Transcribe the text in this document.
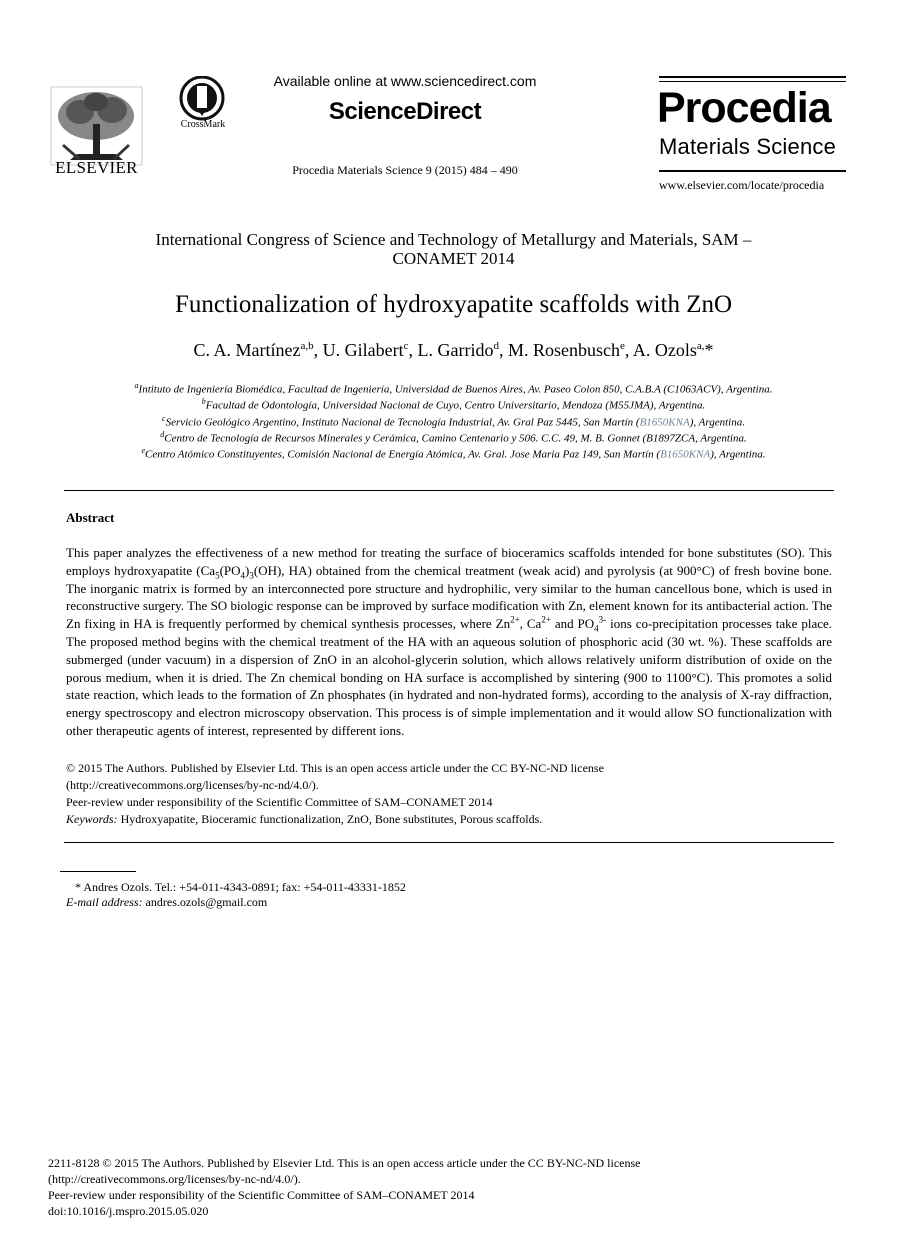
ELSEVIER
CrossMark
Available online at www.sciencedirect.com
ScienceDirect
Procedia Materials Science 9 (2015) 484 – 490
Procedia
Materials Science
www.elsevier.com/locate/procedia
International Congress of Science and Technology of Metallurgy and Materials, SAM –
CONAMET 2014
Functionalization of hydroxyapatite scaffolds with ZnO
C. A. Martínez$^{a,b}$, U. Gilabert$^c$, L. Garrido$^d$, M. Rosenbusch$^e$, A. Ozols$^{a,}$*
$^a$Intituto de Ingeniería Biomédica, Facultad de Ingeniería, Universidad de Buenos Aires, Av. Paseo Colon 850, C.A.B.A (C1063ACV), Argentina.
$^b$Facultad de Odontología, Universidad Nacional de Cuyo, Centro Universitario, Mendoza (M55JMA), Argentina.
$^c$Servicio Geológico Argentino, Instituto Nacional de Tecnología Industrial, Av. Gral Paz 5445, San Martín (B1650KNA), Argentina.
$^d$Centro de Tecnología de Recursos Minerales y Cerámica, Camino Centenario y 506. C.C. 49, M. B. Gonnet (B1897ZCA, Argentina.
$^e$Centro Atómico Constituyentes, Comisión Nacional de Energía Atómica, Av. Gral. Jose Maria Paz 149, San Martín (B1650KNA), Argentina.
Abstract
This paper analyzes the effectiveness of a new method for treating the surface of bioceramics scaffolds intended for bone substitutes (SO). This employs hydroxyapatite ($Ca_5(PO_4)_3(OH)$, HA) obtained from the chemical treatment (weak acid) and pyrolysis (at 900°C) of fresh bovine bone. The inorganic matrix is formed by an interconnected pore structure and hydrophilic, very similar to the human cancellous bone, which is used in reconstructive surgery. The SO biologic response can be improved by surface modification with Zn, element known for its antibacterial action. The Zn fixing in HA is frequently performed by chemical synthesis processes, where $Zn^{2+}$, $Ca^{2+}$ and $PO_4^{3-}$ ions co-precipitation processes take place. The proposed method begins with the chemical treatment of the HA with an aqueous solution of phosphoric acid (30 wt. %). These scaffolds are submerged (under vacuum) in a dispersion of ZnO in an alcohol-glycerin solution, which allows relatively uniform distribution of oxide on the porous medium, when it is dried. The Zn chemical bonding on HA surface is accomplished by sintering (900 to 1100°C). This promotes a solid state reaction, which leads to the formation of Zn phosphates (in hydrated and non-hydrated forms), according to the analysis of X-ray diffraction, energy spectroscopy and electron microscopy observation. This process is of simple implementation and it would allow SO functionalization with other therapeutic agents of interest, represented by different ions.
© 2015 The Authors. Published by Elsevier Ltd. This is an open access article under the CC BY-NC-ND license
(http://creativecommons.org/licenses/by-nc-nd/4.0/).
Peer-review under responsibility of the Scientific Committee of SAM–CONAMET 2014
Keywords: Hydroxyapatite, Bioceramic functionalization, ZnO, Bone substitutes, Porous scaffolds.
* Andres Ozols. Tel.: +54-011-4343-0891; fax: +54-011-43331-1852
E-mail address: andres.ozols@gmail.com
2211-8128 © 2015 The Authors. Published by Elsevier Ltd. This is an open access article under the CC BY-NC-ND license
(http://creativecommons.org/licenses/by-nc-nd/4.0/).
Peer-review under responsibility of the Scientific Committee of SAM–CONAMET 2014
doi:10.1016/j.mspro.2015.05.020
